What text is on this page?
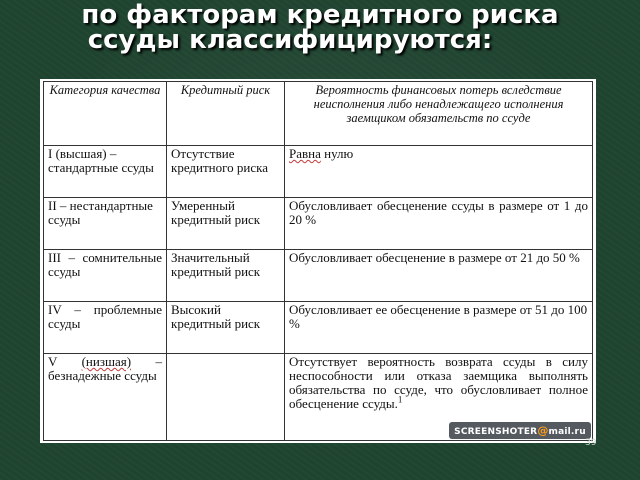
по факторам кредитного риска
ссуды классифицируются:
Категория качества	Кредитный риск	Вероятность финансовых потерь вследствие неисполнения либо ненадлежащего исполнения заемщиком обязательств по ссуде
I (высшая) – стандартные ссуды	Отсутствие кредитного риска	Равна нулю
II – нестандартные ссуды	Умеренный кредитный риск	Обусловливает обесценение ссуды в размере от 1 до 20 %
III – сомнительные ссуды	Значительный кредитный риск	Обусловливает обесценение в размере от 21 до 50 %
IV – проблемные ссуды	Высокий кредитный риск	Обусловливает ее обесценение в размере от 51 до 100 %
V (низшая) – безнадежные ссуды		Отсутствует вероятность возврата ссуды в силу неспособности или отказа заемщика выполнять обязательства по ссуде, что обусловливает полное обесценение ссуды.$^1$
SCREENSHOTER@mail.ru
39
